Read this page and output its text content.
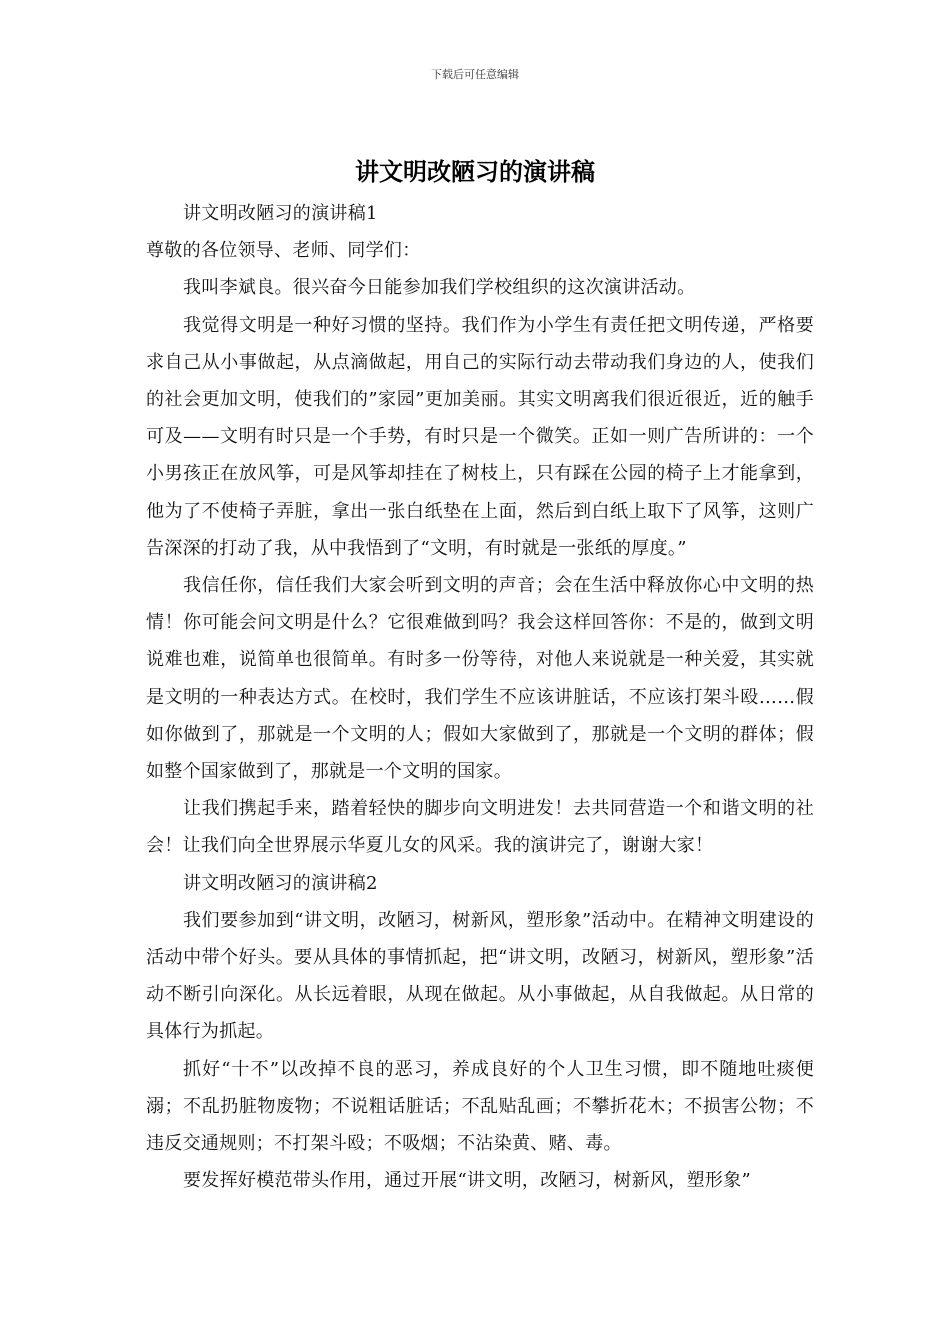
下载后可任意编辑
讲文明改陋习的演讲稿

讲文明改陋习的演讲稿1

尊敬的各位领导、老师、同学们：

我叫李斌良。很兴奋今日能参加我们学校组织的这次演讲活动。

我觉得文明是一种好习惯的坚持。我们作为小学生有责任把文明传递，严格要求自己从小事做起，从点滴做起，用自己的实际行动去带动我们身边的人，使我们的社会更加文明，使我们的”家园”更加美丽。其实文明离我们很近很近，近的触手可及——文明有时只是一个手势，有时只是一个微笑。正如一则广告所讲的：一个小男孩正在放风筝，可是风筝却挂在了树枝上，只有踩在公园的椅子上才能拿到，他为了不使椅子弄脏，拿出一张白纸垫在上面，然后到白纸上取下了风筝，这则广告深深的打动了我，从中我悟到了“文明，有时就是一张纸的厚度。”

我信任你，信任我们大家会听到文明的声音；会在生活中释放你心中文明的热情！你可能会问文明是什么？它很难做到吗？我会这样回答你：不是的，做到文明说难也难，说简单也很简单。有时多一份等待，对他人来说就是一种关爱，其实就是文明的一种表达方式。在校时，我们学生不应该讲脏话，不应该打架斗殴……假如你做到了，那就是一个文明的人；假如大家做到了，那就是一个文明的群体；假如整个国家做到了，那就是一个文明的国家。

让我们携起手来，踏着轻快的脚步向文明进发！去共同营造一个和谐文明的社会！让我们向全世界展示华夏儿女的风采。我的演讲完了，谢谢大家！

讲文明改陋习的演讲稿2

我们要参加到“讲文明，改陋习，树新风，塑形象”活动中。在精神文明建设的活动中带个好头。要从具体的事情抓起，把“讲文明，改陋习，树新风，塑形象”活动不断引向深化。从长远着眼，从现在做起。从小事做起，从自我做起。从日常的具体行为抓起。

抓好“十不”以改掉不良的恶习，养成良好的个人卫生习惯，即不随地吐痰便溺；不乱扔脏物废物；不说粗话脏话；不乱贴乱画；不攀折花木；不损害公物；不违反交通规则；不打架斗殴；不吸烟；不沾染黄、赌、毒。

要发挥好模范带头作用，通过开展“讲文明，改陋习，树新风，塑形象”
